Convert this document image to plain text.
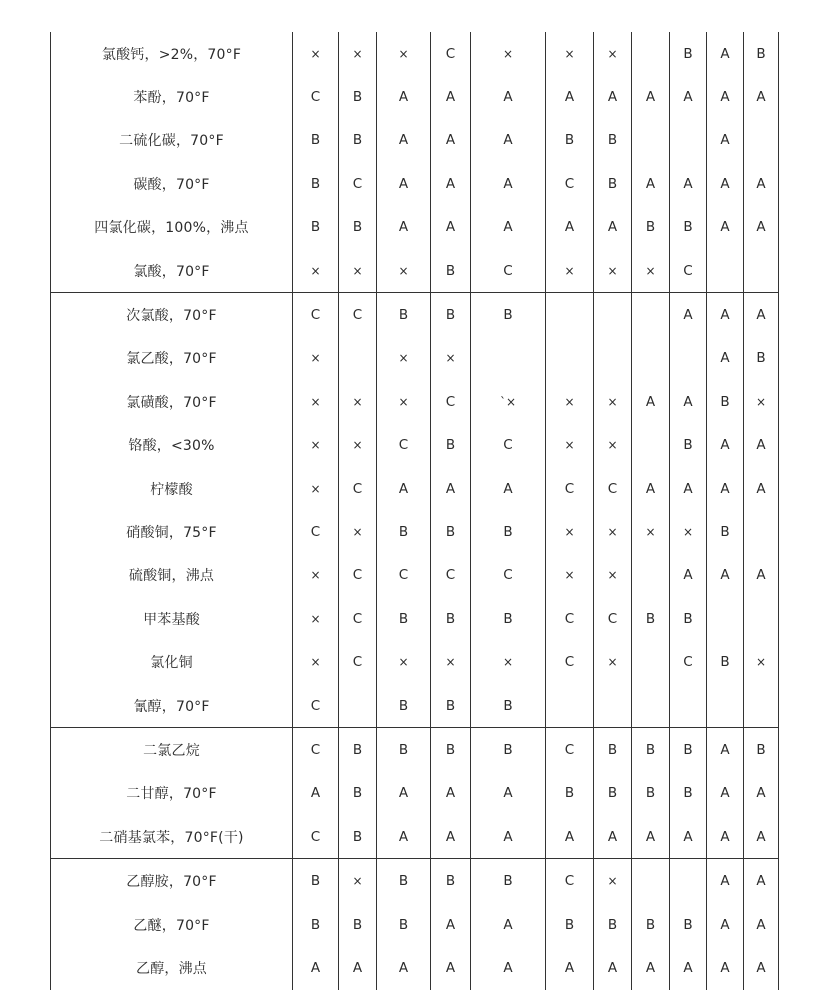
氯酸钙，>2%，70°F	×	×	×	C	×	×	×		B	A	B
苯酚，70°F	C	B	A	A	A	A	A	A	A	A	A
二硫化碳，70°F	B	B	A	A	A	B	B			A	
碳酸，70°F	B	C	A	A	A	C	B	A	A	A	A
四氯化碳，100%，沸点	B	B	A	A	A	A	A	B	B	A	A
氯酸，70°F	×	×	×	B	C	×	×	×	C		
次氯酸，70°F	C	C	B	B	B				A	A	A
氯乙酸，70°F	×		×	×						A	B
氯磺酸，70°F	×	×	×	C	`×	×	×	A	A	B	×
铬酸，<30%	×	×	C	B	C	×	×		B	A	A
柠檬酸	×	C	A	A	A	C	C	A	A	A	A
硝酸铜，75°F	C	×	B	B	B	×	×	×	×	B	
硫酸铜，沸点	×	C	C	C	C	×	×		A	A	A
甲苯基酸	×	C	B	B	B	C	C	B	B		
氯化铜	×	C	×	×	×	C	×		C	B	×
氰醇，70°F	C		B	B	B						
二氯乙烷	C	B	B	B	B	C	B	B	B	A	B
二甘醇，70°F	A	B	A	A	A	B	B	B	B	A	A
二硝基氯苯，70°F(干)	C	B	A	A	A	A	A	A	A	A	A
乙醇胺，70°F	B	×	B	B	B	C	×			A	A
乙醚，70°F	B	B	B	A	A	B	B	B	B	A	A
乙醇，沸点	A	A	A	A	A	A	A	A	A	A	A
